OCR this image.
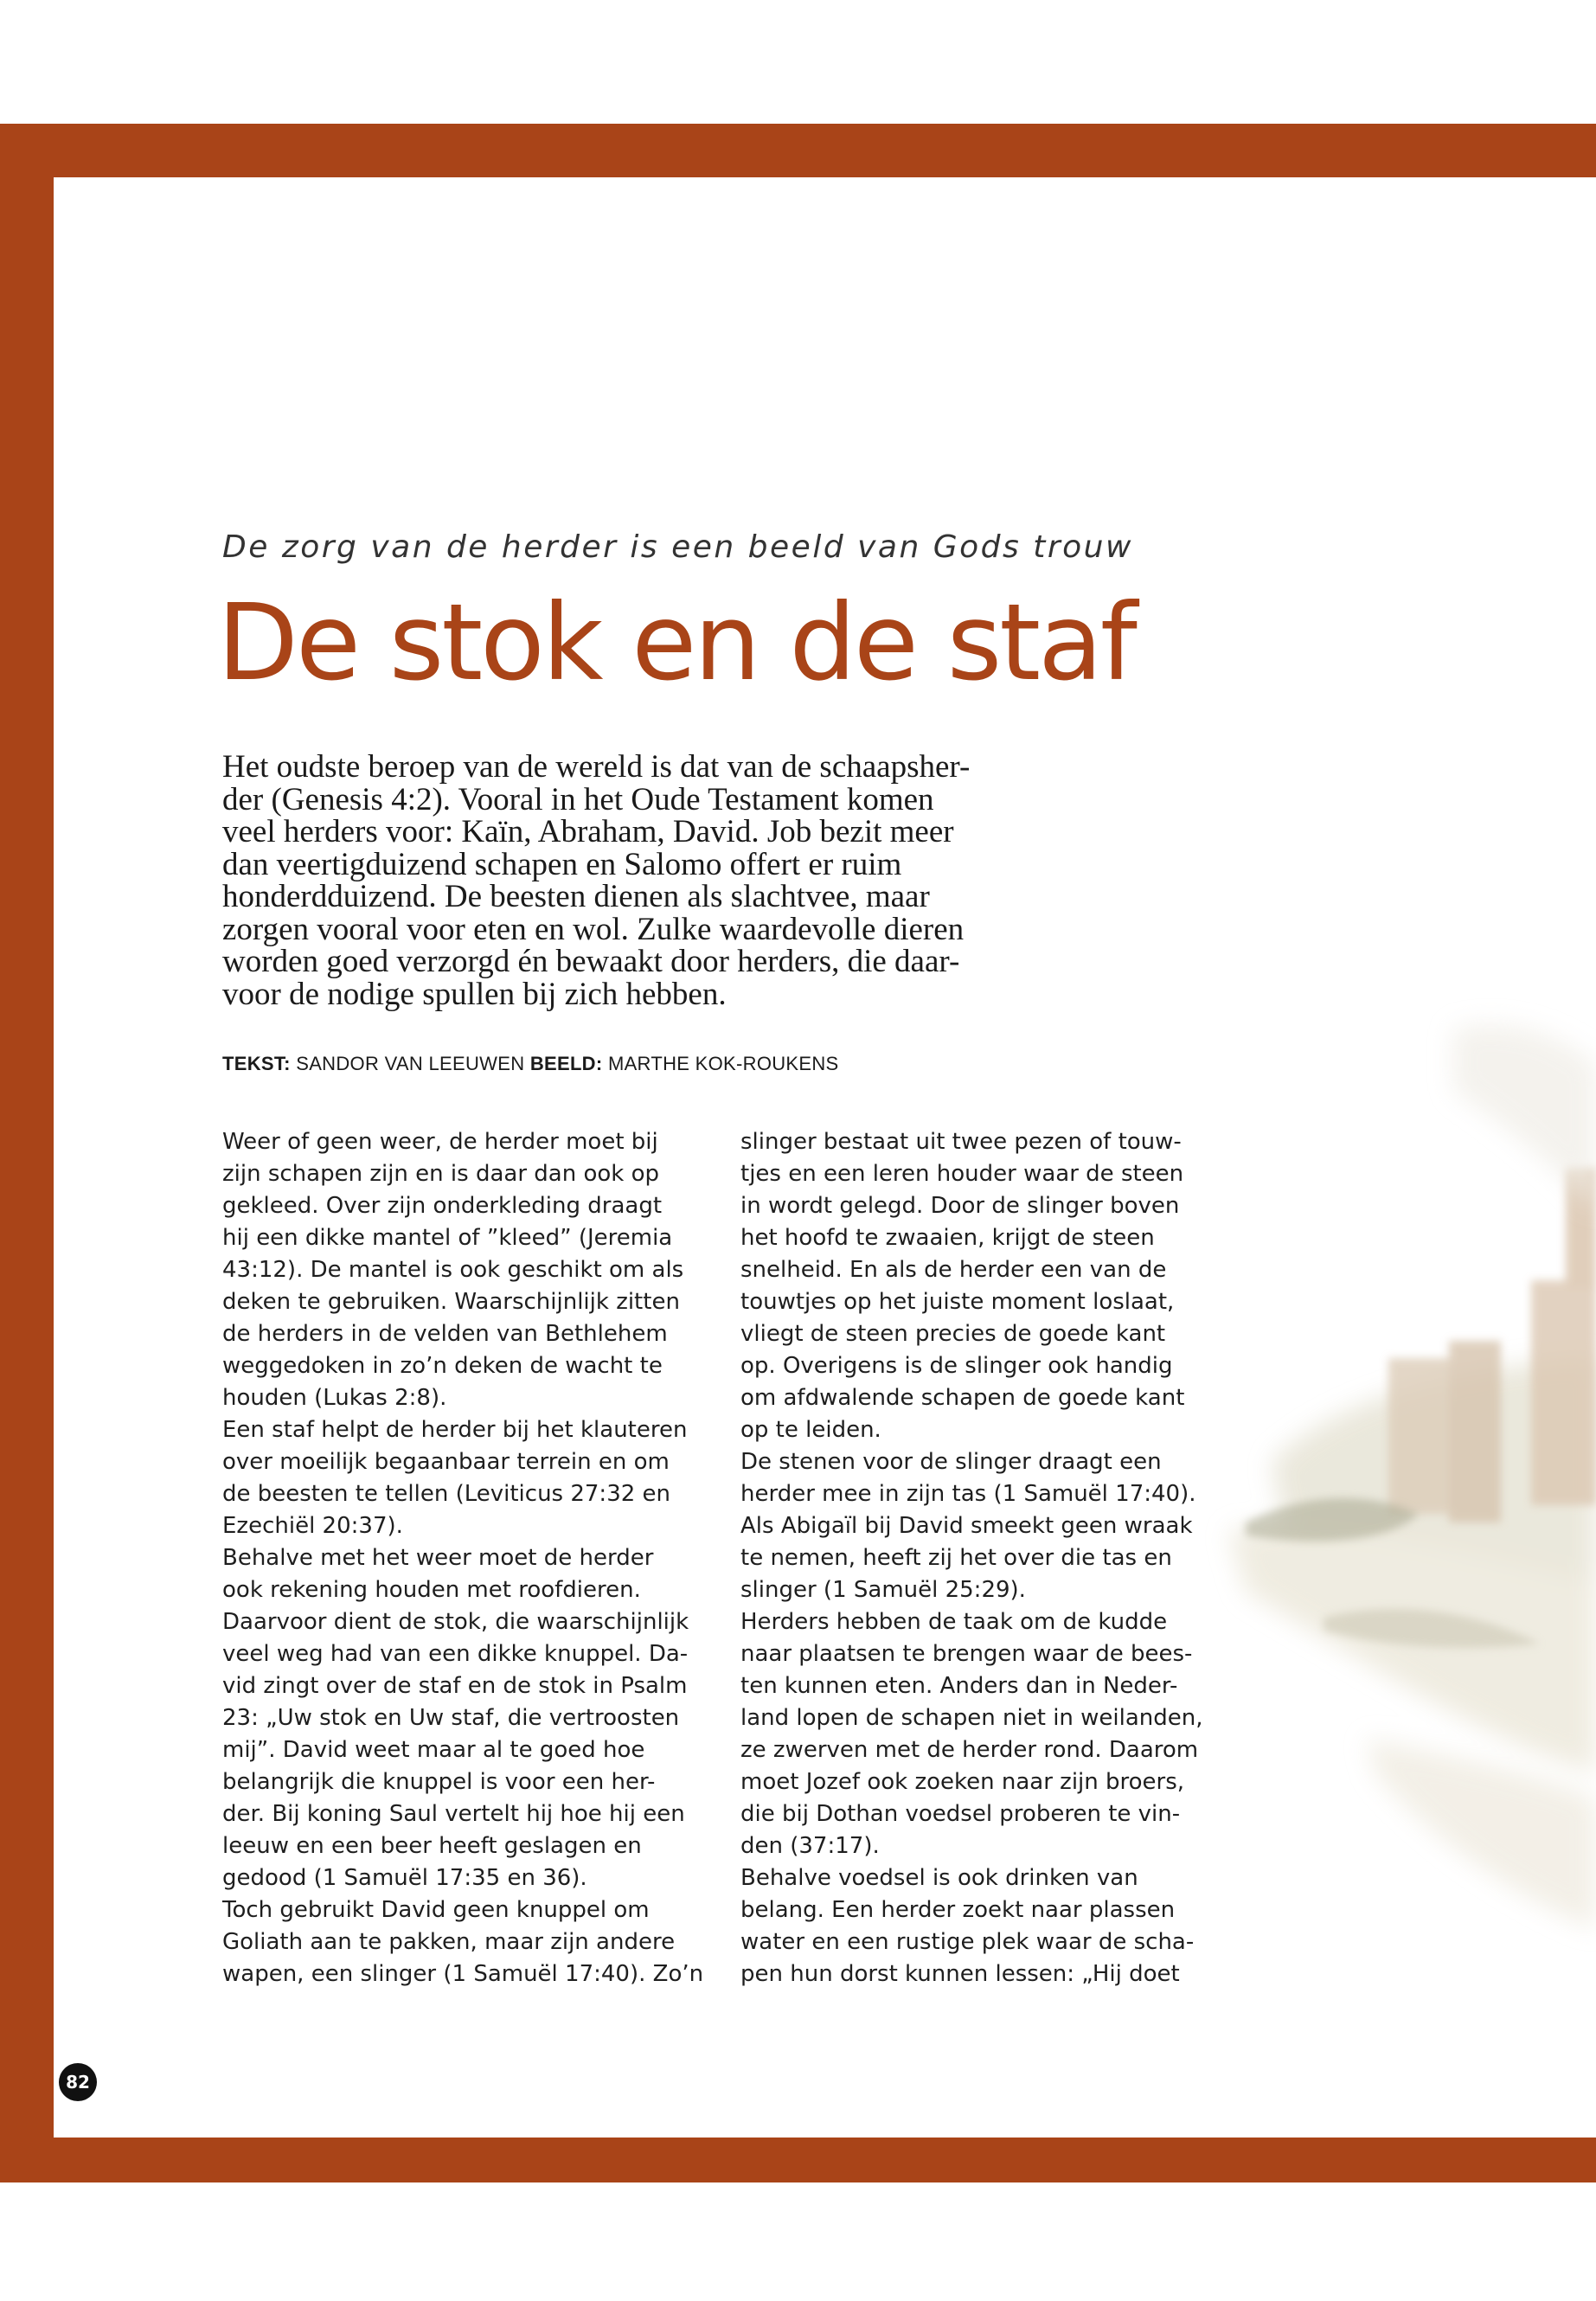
De zorg van de herder is een beeld van Gods trouw
De stok en de staf
Het oudste beroep van de wereld is dat van de schaapsher-
der (Genesis 4:2). Vooral in het Oude Testament komen
veel herders voor: Kaïn, Abraham, David. Job bezit meer
dan veertigduizend schapen en Salomo offert er ruim
honderdduizend. De beesten dienen als slachtvee, maar
zorgen vooral voor eten en wol. Zulke waardevolle dieren
worden goed verzorgd én bewaakt door herders, die daar-
voor de nodige spullen bij zich hebben.
TEKST: SANDOR VAN LEEUWEN BEELD: MARTHE KOK-ROUKENS

Weer of geen weer, de herder moet bij

zijn schapen zijn en is daar dan ook op

gekleed. Over zijn onderkleding draagt

hij een dikke mantel of ”kleed” (Jeremia

43:12). De mantel is ook geschikt om als

deken te gebruiken. Waarschijnlijk zitten

de herders in de velden van Bethlehem

weggedoken in zo’n deken de wacht te

houden (Lukas 2:8).

Een staf helpt de herder bij het klauteren

over moeilijk begaanbaar terrein en om

de beesten te tellen (Leviticus 27:32 en

Ezechiël 20:37).

Behalve met het weer moet de herder

ook rekening houden met roofdieren.

Daarvoor dient de stok, die waarschijnlijk

veel weg had van een dikke knuppel. Da-

vid zingt over de staf en de stok in Psalm

23: „Uw stok en Uw staf, die vertroosten

mij”. David weet maar al te goed hoe

belangrijk die knuppel is voor een her-

der. Bij koning Saul vertelt hij hoe hij een

leeuw en een beer heeft geslagen en

gedood (1 Samuël 17:35 en 36).

Toch gebruikt David geen knuppel om

Goliath aan te pakken, maar zijn andere

wapen, een slinger (1 Samuël 17:40). Zo’n

slinger bestaat uit twee pezen of touw-

tjes en een leren houder waar de steen

in wordt gelegd. Door de slinger boven

het hoofd te zwaaien, krijgt de steen

snelheid. En als de herder een van de

touwtjes op het juiste moment loslaat,

vliegt de steen precies de goede kant

op. Overigens is de slinger ook handig

om afdwalende schapen de goede kant

op te leiden.

De stenen voor de slinger draagt een

herder mee in zijn tas (1 Samuël 17:40).

Als Abigaïl bij David smeekt geen wraak

te nemen, heeft zij het over die tas en

slinger (1 Samuël 25:29).

Herders hebben de taak om de kudde

naar plaatsen te brengen waar de bees-

ten kunnen eten. Anders dan in Neder-

land lopen de schapen niet in weilanden,

ze zwerven met de herder rond. Daarom

moet Jozef ook zoeken naar zijn broers,

die bij Dothan voedsel proberen te vin-

den (37:17).

Behalve voedsel is ook drinken van

belang. Een herder zoekt naar plassen

water en een rustige plek waar de scha-

pen hun dorst kunnen lessen: „Hij doet

82
